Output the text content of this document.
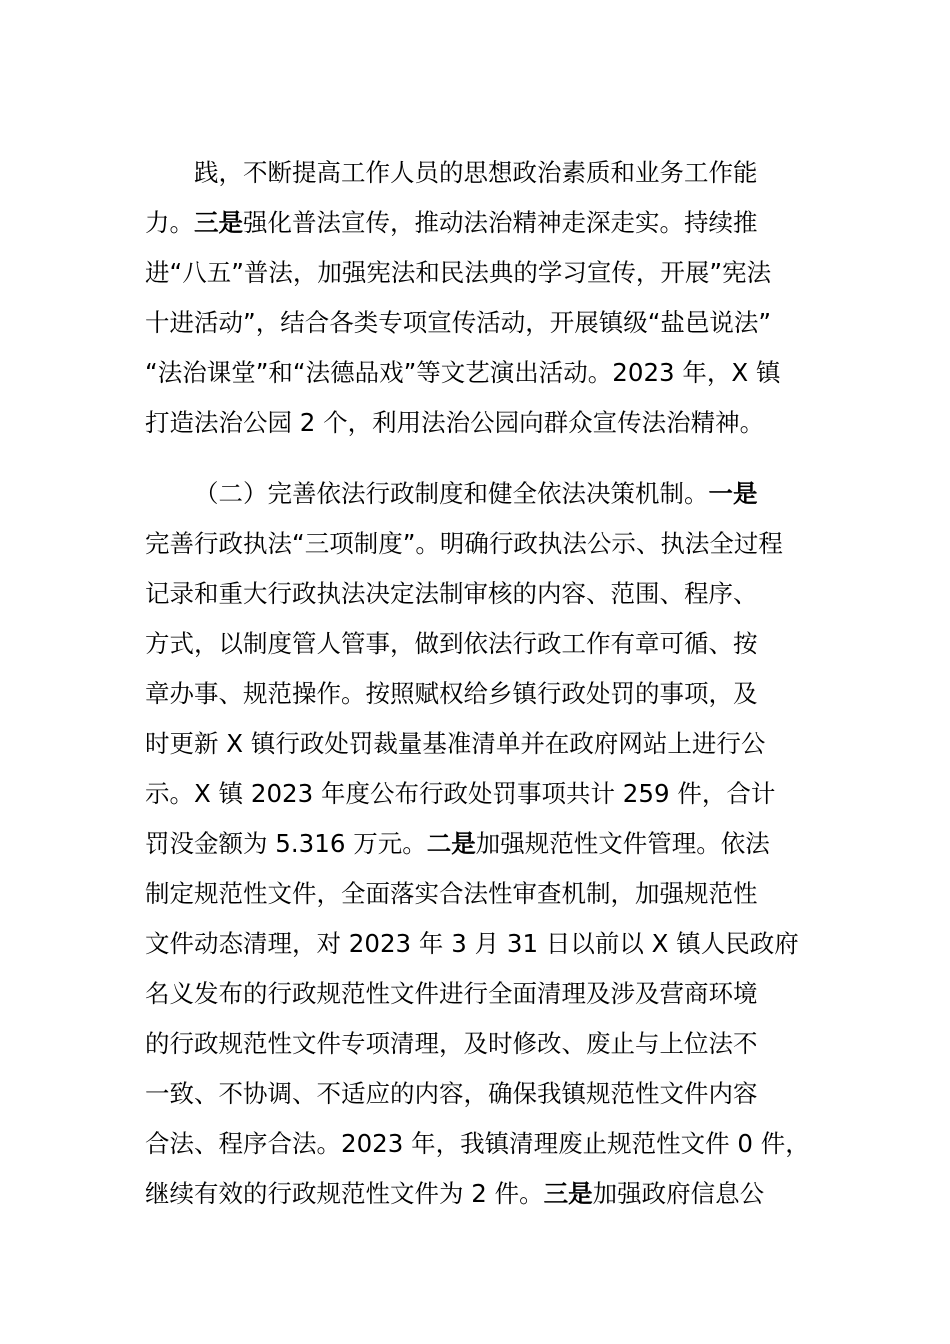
践，不断提高工作人员的思想政治素质和业务工作能
力。三是强化普法宣传，推动法治精神走深走实。持续推
进“八五”普法，加强宪法和民法典的学习宣传，开展”宪法
十进活动”，结合各类专项宣传活动，开展镇级“盐邑说法”
“法治课堂”和“法德品戏”等文艺演出活动。2023 年，X 镇
打造法治公园 2 个，利用法治公园向群众宣传法治精神。
（二）完善依法行政制度和健全依法决策机制。一是
完善行政执法“三项制度”。明确行政执法公示、执法全过程
记录和重大行政执法决定法制审核的内容、范围、程序、
方式，以制度管人管事，做到依法行政工作有章可循、按
章办事、规范操作。按照赋权给乡镇行政处罚的事项，及
时更新 X 镇行政处罚裁量基准清单并在政府网站上进行公
示。X 镇 2023 年度公布行政处罚事项共计 259 件，合计
罚没金额为 5.316 万元。二是加强规范性文件管理。依法
制定规范性文件，全面落实合法性审查机制，加强规范性
文件动态清理，对 2023 年 3 月 31 日以前以 X 镇人民政府
名义发布的行政规范性文件进行全面清理及涉及营商环境
的行政规范性文件专项清理，及时修改、废止与上位法不
一致、不协调、不适应的内容，确保我镇规范性文件内容
合法、程序合法。2023 年，我镇清理废止规范性文件 0 件，
继续有效的行政规范性文件为 2 件。三是加强政府信息公
